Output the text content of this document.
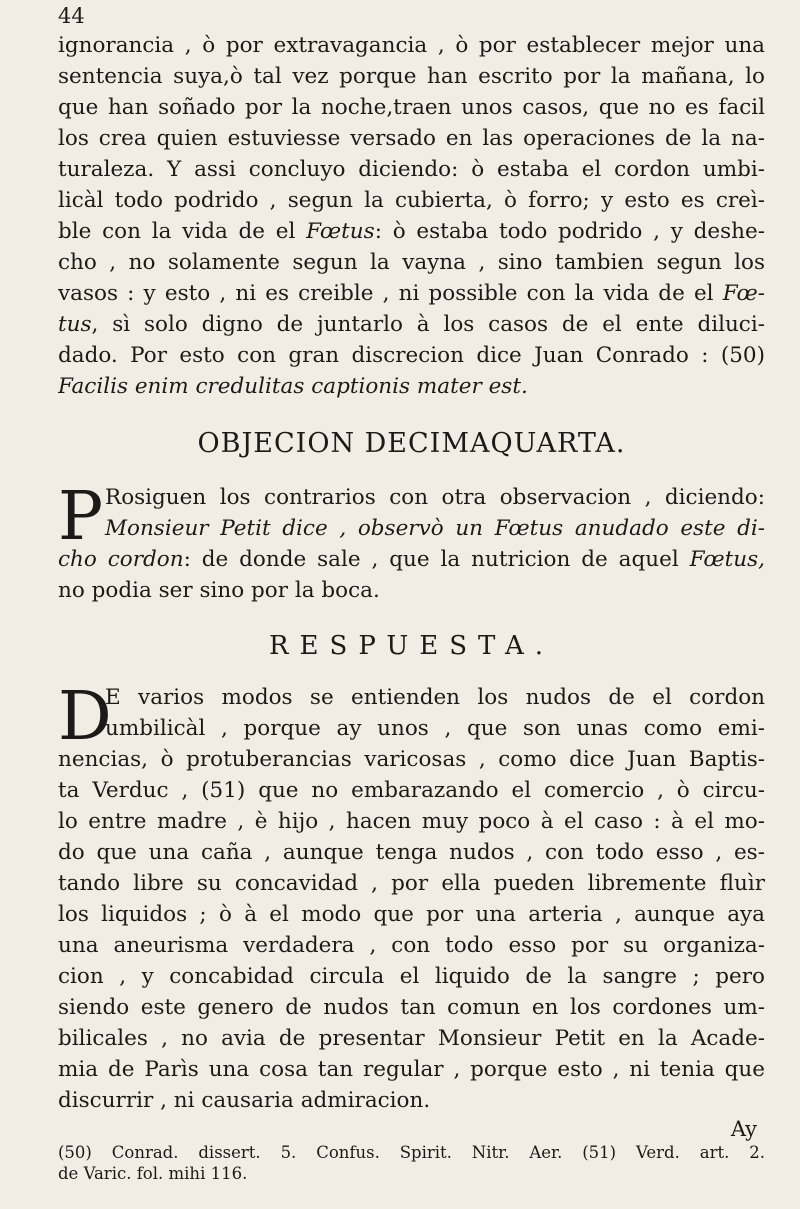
44
ignorancia , ò por extravagancia , ò por establecer mejor una
sentencia suya,ò tal vez porque han escrito por la mañana, lo
que han soñado por la noche,traen unos casos, que no es facil
los crea quien estuviesse versado en las operaciones de la na-
turaleza. Y assi concluyo diciendo: ò estaba el cordon umbi-
licàl todo podrido , segun la cubierta, ò forro; y esto es creì-
ble con la vida de el Fœtus: ò estaba todo podrido , y deshe-
cho , no solamente segun la vayna , sino tambien segun los
vasos : y esto , ni es creible , ni possible con la vida de el Fœ-
tus, sì solo digno de juntarlo à los casos de el ente diluci-
dado. Por esto con gran discrecion dice Juan Conrado : (50)
Facilis enim credulitas captionis mater est.
OBJECION DECIMAQUARTA.
P Rosiguen los contrarios con otra observacion , diciendo:
Monsieur Petit dice , observò un Fœtus anudado este di-
cho cordon: de donde sale , que la nutricion de aquel Fœtus,
no podia ser sino por la boca.
RESPUESTA.
D
E varios modos se entienden los nudos de el cordon
umbilicàl , porque ay unos , que son unas como emi-
nencias, ò protuberancias varicosas , como dice Juan Baptis-
ta Verduc , (51) que no embarazando el comercio , ò circu-
lo entre madre , è hijo , hacen muy poco à el caso : à el mo-
do que una caña , aunque tenga nudos , con todo esso , es-
tando libre su concavidad , por ella pueden libremente fluìr
los liquidos ; ò à el modo que por una arteria , aunque aya
una aneurisma verdadera , con todo esso por su organiza-
cion , y concabidad circula el liquido de la sangre ; pero
siendo este genero de nudos tan comun en los cordones um-
bilicales , no avia de presentar Monsieur Petit en la Acade-
mia de Parìs una cosa tan regular , porque esto , ni tenia que
discurrir , ni causaria admiracion.
Ay
(50) Conrad. dissert. 5. Confus. Spirit. Nitr. Aer. (51) Verd. art. 2.
de Varic. fol. mihi 116.
